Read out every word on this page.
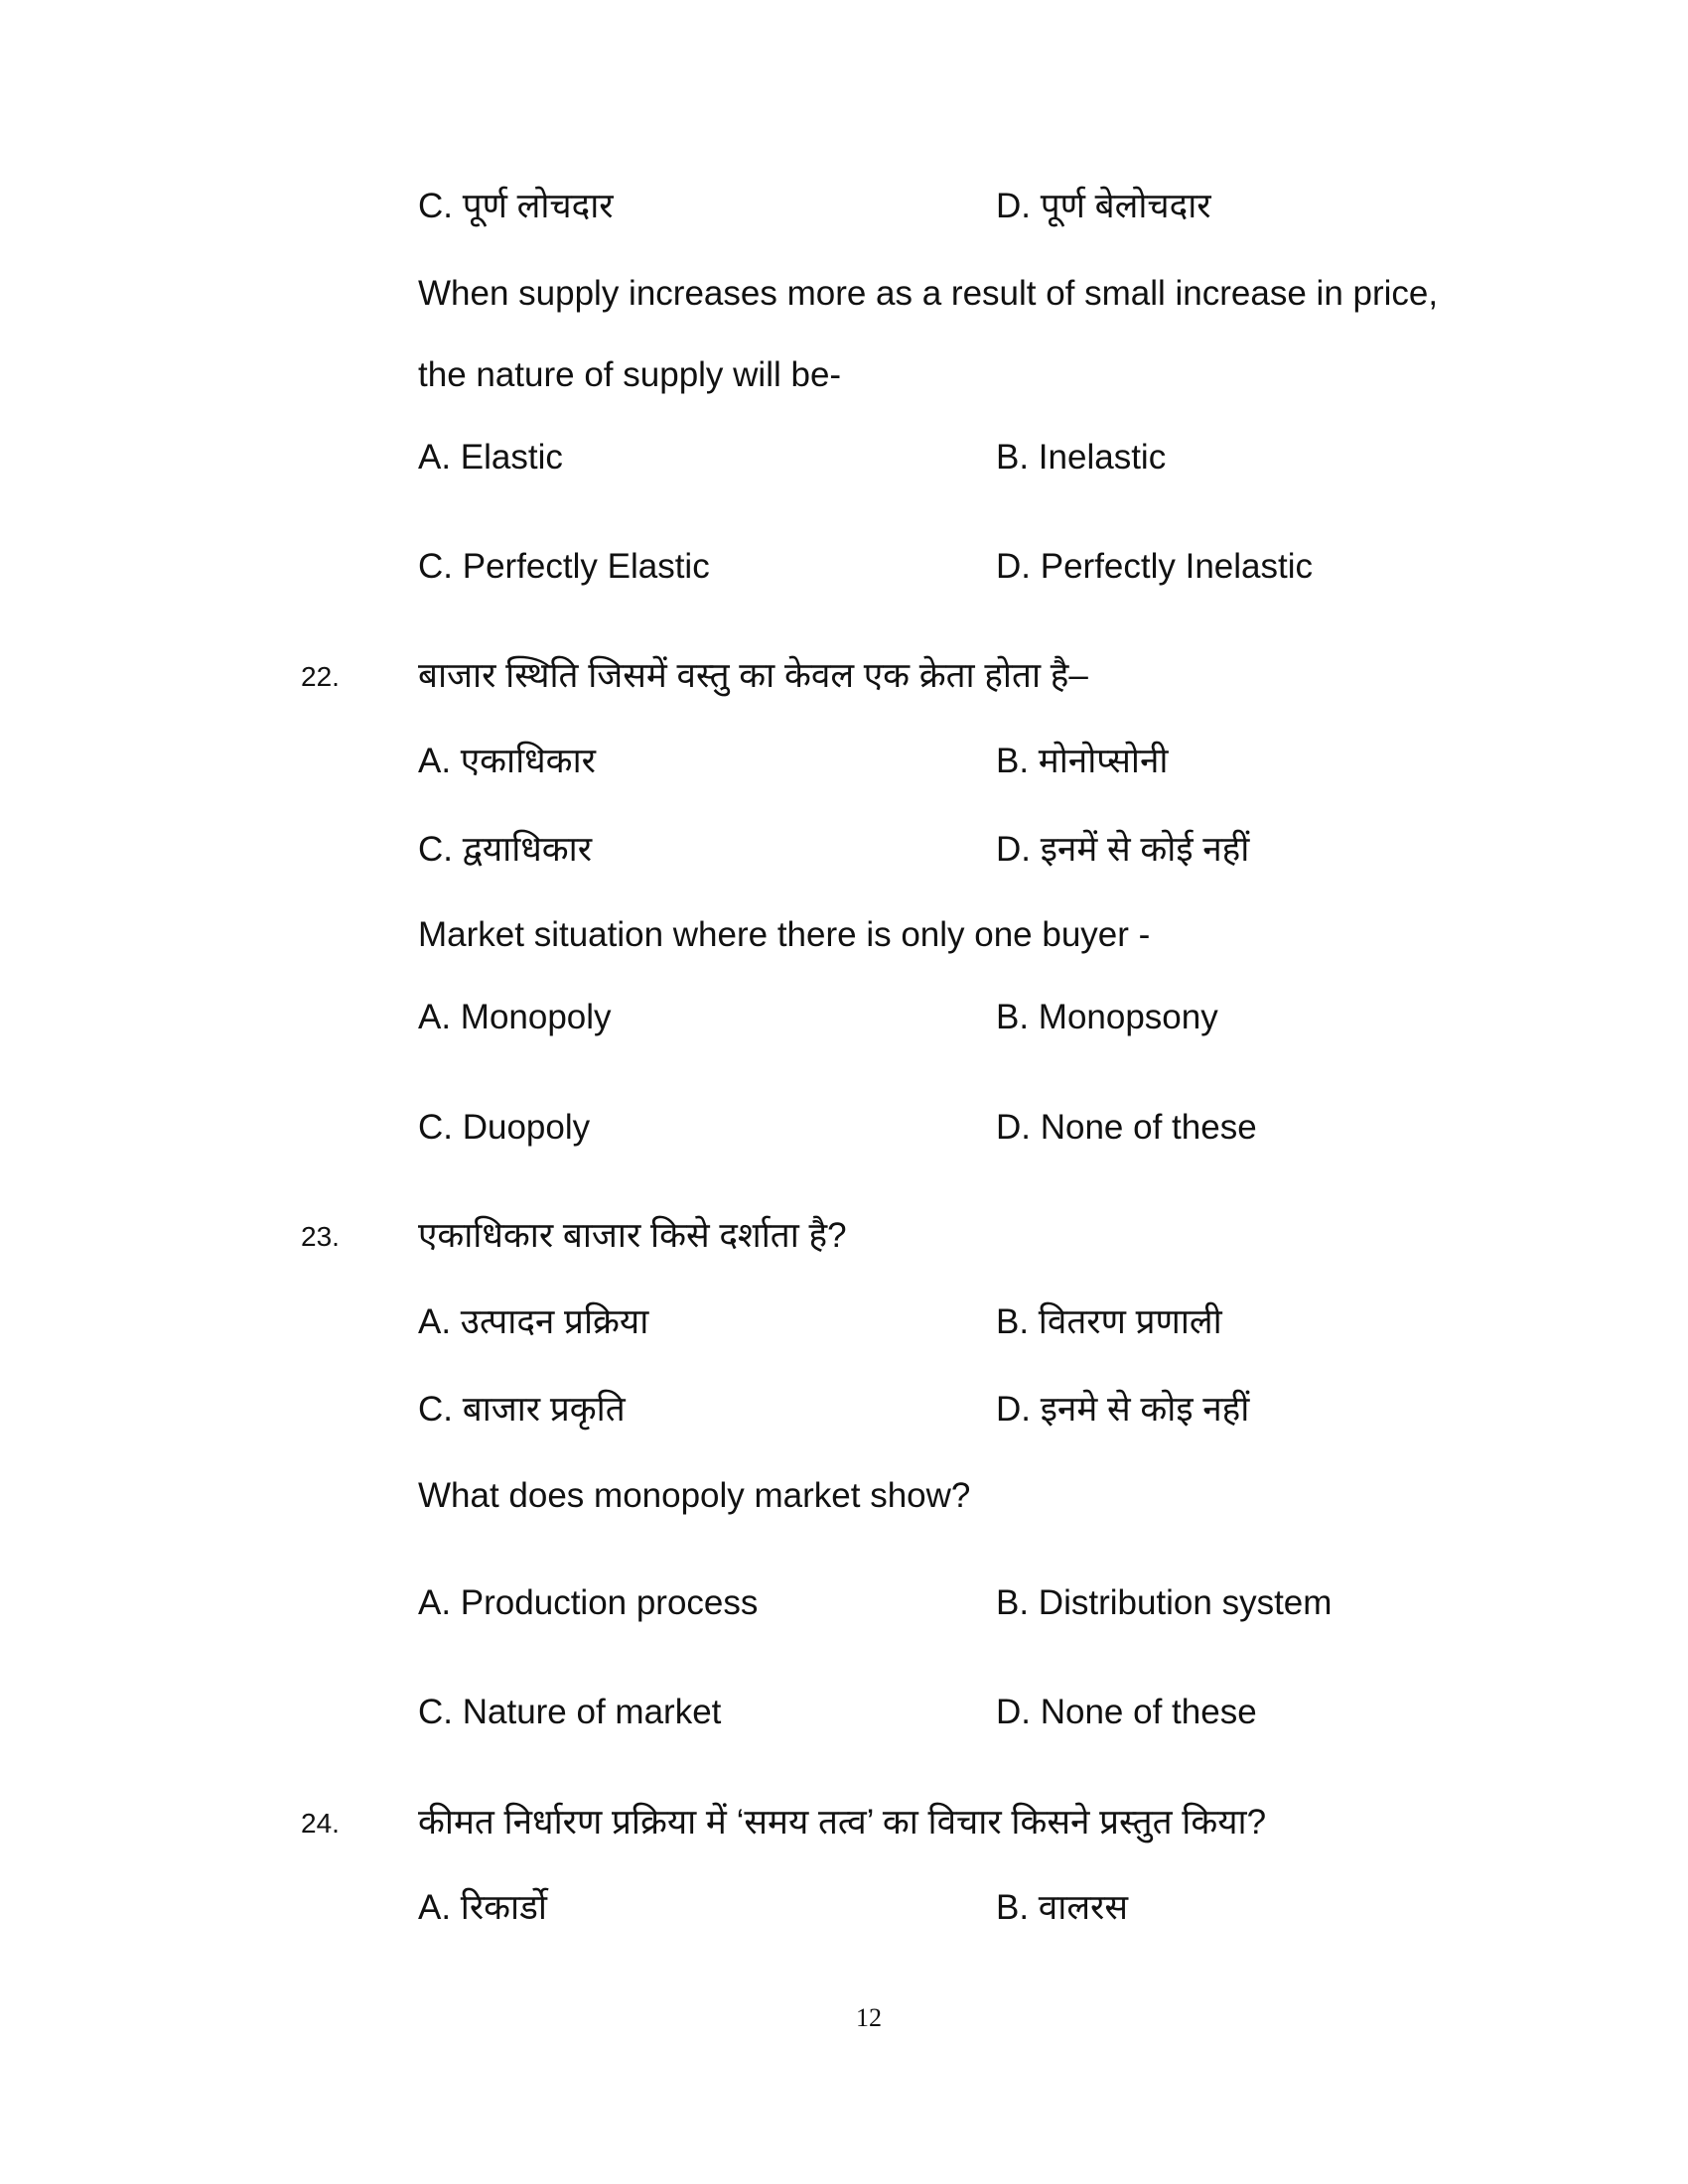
C. पूर्ण लोचदार	D. पूर्ण बेलोचदार
When supply increases more as a result of small increase in price,
the nature of supply will be-
A. Elastic	B. Inelastic
C. Perfectly Elastic	D. Perfectly Inelastic
22. बाजार स्थिति जिसमें वस्तु का केवल एक क्रेता होता है–
A. एकाधिकार	B. मोनोप्सोनी
C. द्वयाधिकार	D. इनमें से कोई नहीं
Market situation where there is only one buyer -
A. Monopoly	B. Monopsony
C. Duopoly	D. None of these
23. एकाधिकार बाजार किसे दर्शाता है?
A. उत्पादन प्रक्रिया	B. वितरण प्रणाली
C. बाजार प्रकृति	D. इनमे से कोइ नहीं
What does monopoly market show?
A. Production process	B. Distribution system
C. Nature of market	D. None of these
24. कीमत निर्धारण प्रक्रिया में ‘समय तत्व’ का विचार किसने प्रस्तुत किया?
A. रिकार्डो	B. वालरस
12
